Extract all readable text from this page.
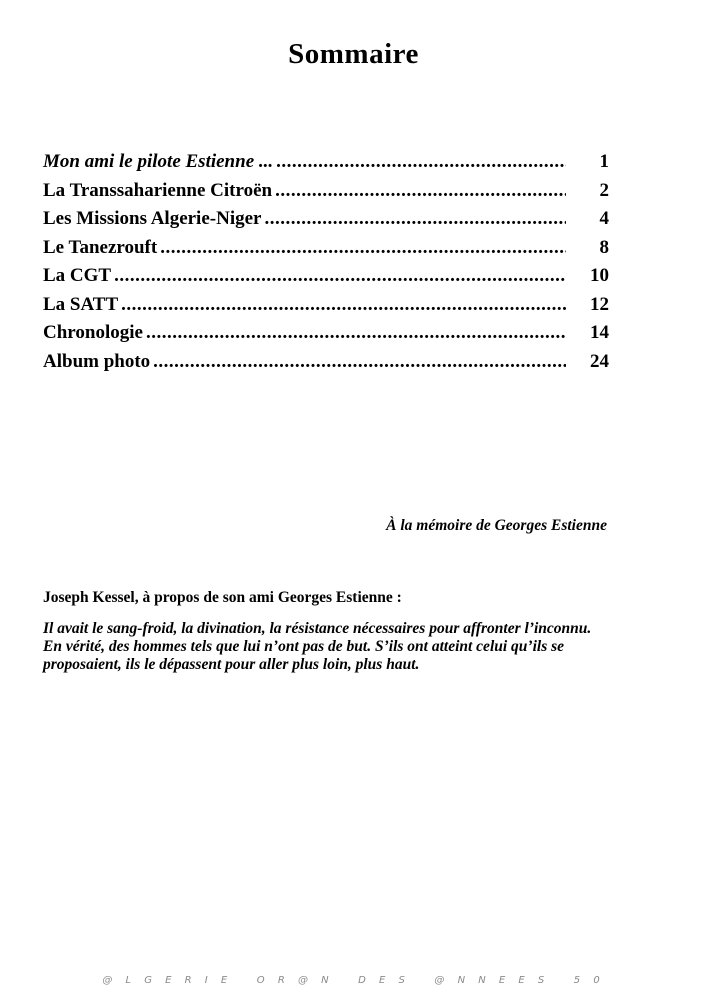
Sommaire
Mon ami le pilote Estienne ... .....	1
La Transsaharienne Citroën .....	2
Les Missions Algerie-Niger .....	4
Le Tanezrouft .....	8
La CGT .....	10
La SATT .....	12
Chronologie .....	14
Album photo .....	24
À la mémoire de Georges Estienne
Joseph Kessel, à propos de son ami Georges Estienne :

Il avait le sang-froid, la divination, la résistance nécessaires pour affronter l’inconnu.

En vérité, des hommes tels que lui n’ont pas de but. S’ils ont atteint celui qu’ils se proposaient, ils le dépassent pour aller plus loin, plus haut.

@ L G E R I E   O R @ N   D E S   @ N N E E S   5 0
